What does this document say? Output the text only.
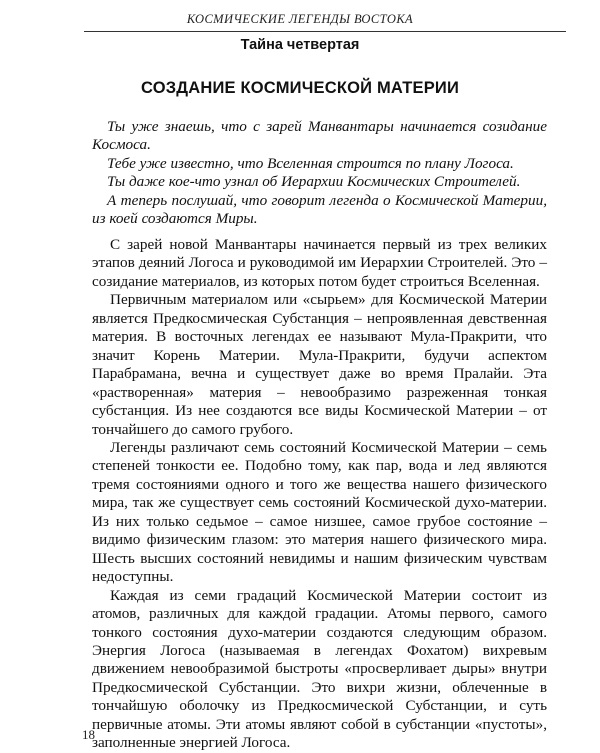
КОСМИЧЕСКИЕ ЛЕГЕНДЫ ВОСТОКА
Тайна четвертая
СОЗДАНИЕ КОСМИЧЕСКОЙ МАТЕРИИ

Ты уже знаешь, что с зарей Манвантары начинается созидание Космоса.

Тебе уже известно, что Вселенная строится по плану Логоса.

Ты даже кое-что узнал об Иерархии Космических Строителей.

А теперь послушай, что говорит легенда о Космической Материи, из коей создаются Миры.

С зарей новой Манвантары начинается первый из трех великих этапов деяний Логоса и руководимой им Иерархии Строителей. Это – созидание материалов, из которых потом будет строиться Вселенная.

Первичным материалом или «сырьем» для Космической Материи является Предкосмическая Субстанция – непроявленная девственная материя. В восточных легендах ее называют Мула-Пракрити, что значит Корень Материи. Мула-Пракрити, будучи аспектом Парабрамана, вечна и существует даже во время Пралайи. Эта «растворенная» материя – невообразимо разреженная тонкая субстанция. Из нее создаются все виды Космической Материи – от тончайшего до самого грубого.

Легенды различают семь состояний Космической Материи – семь степеней тонкости ее. Подобно тому, как пар, вода и лед являются тремя состояниями одного и того же вещества нашего физического мира, так же существует семь состояний Космической духо-материи. Из них только седьмое – самое низшее, самое грубое состояние – видимо физическим глазом: это материя нашего физического мира. Шесть высших состояний невидимы и нашим физическим чувствам недоступны.

Каждая из семи градаций Космической Материи состоит из атомов, различных для каждой градации. Атомы первого, самого тонкого состояния духо-материи создаются следующим образом. Энергия Логоса (называемая в легендах Фохатом) вихревым движением невообразимой быстроты «просверливает дыры» внутри Предкосмической Субстанции. Это вихри жизни, облеченные в тончайшую оболочку из Предкосмической Субстанции, и суть первичные атомы. Эти атомы являют собой в субстанции «пустоты», заполненные энергией Логоса.

18
